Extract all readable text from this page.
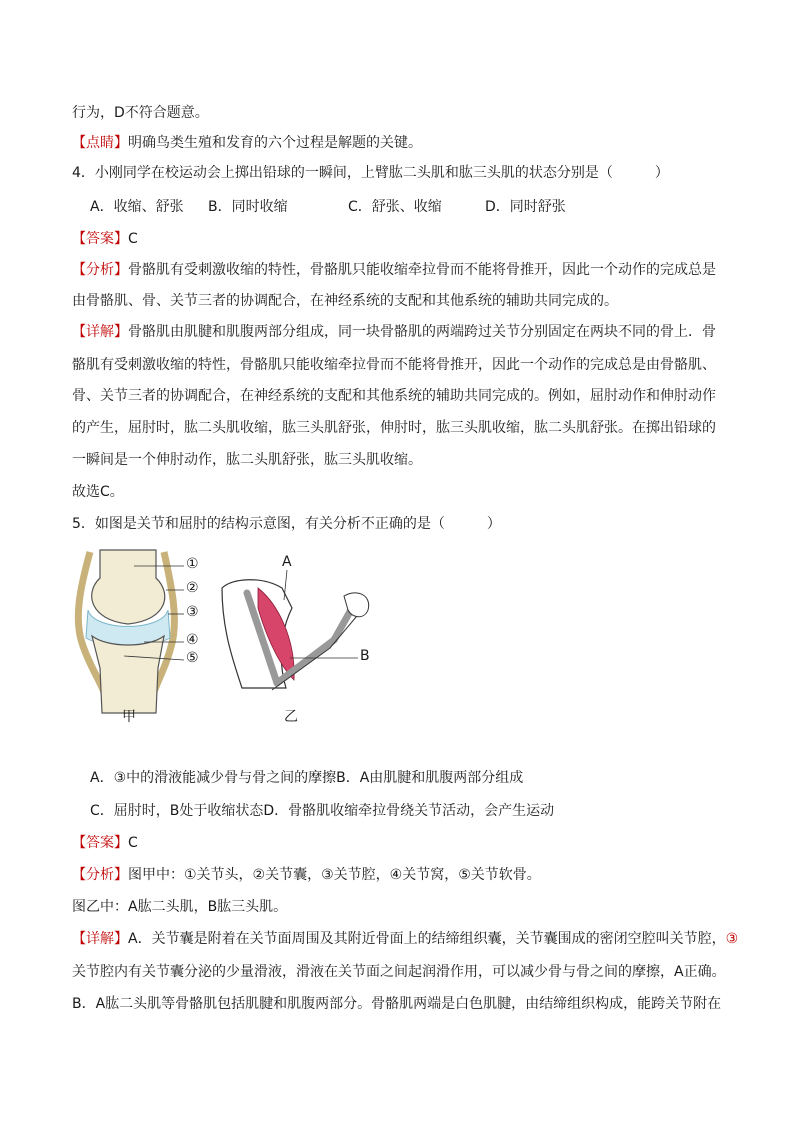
行为，D不符合题意。
【点睛】明确鸟类生殖和发育的六个过程是解题的关键。
4．小刚同学在校运动会上掷出铅球的一瞬间，上臂肱二头肌和肱三头肌的状态分别是（　　　）
A．收缩、舒张 B．同时收缩	C．舒张、收缩	D．同时舒张
【答案】C
【分析】骨骼肌有受刺激收缩的特性，骨骼肌只能收缩牵拉骨而不能将骨推开，因此一个动作的完成总是
由骨骼肌、骨、关节三者的协调配合，在神经系统的支配和其他系统的辅助共同完成的。
【详解】骨骼肌由肌腱和肌腹两部分组成，同一块骨骼肌的两端跨过关节分别固定在两块不同的骨上．骨
骼肌有受刺激收缩的特性，骨骼肌只能收缩牵拉骨而不能将骨推开，因此一个动作的完成总是由骨骼肌、
骨、关节三者的协调配合，在神经系统的支配和其他系统的辅助共同完成的。例如，屈肘动作和伸肘动作
的产生，屈肘时，肱二头肌收缩，肱三头肌舒张，伸肘时，肱三头肌收缩，肱二头肌舒张。在掷出铅球的
一瞬间是一个伸肘动作，肱二头肌舒张，肱三头肌收缩。
故选C。
5．如图是关节和屈肘的结构示意图，有关分析不正确的是（　　　）
①
②
③
④
⑤
A
B
甲	乙
A．③中的滑液能减少骨与骨之间的摩擦B．A由肌腱和肌腹两部分组成
C．屈肘时，B处于收缩状态D．骨骼肌收缩牵拉骨绕关节活动，会产生运动
【答案】C
【分析】图甲中：①关节头，②关节囊，③关节腔，④关节窝，⑤关节软骨。
图乙中：A肱二头肌，B肱三头肌。
【详解】A．关节囊是附着在关节面周围及其附近骨面上的结缔组织囊，关节囊围成的密闭空腔叫关节腔，③
关节腔内有关节囊分泌的少量滑液，滑液在关节面之间起润滑作用，可以减少骨与骨之间的摩擦，A正确。
B．A肱二头肌等骨骼肌包括肌腱和肌腹两部分。骨骼肌两端是白色肌腱，由结缔组织构成，能跨关节附在
